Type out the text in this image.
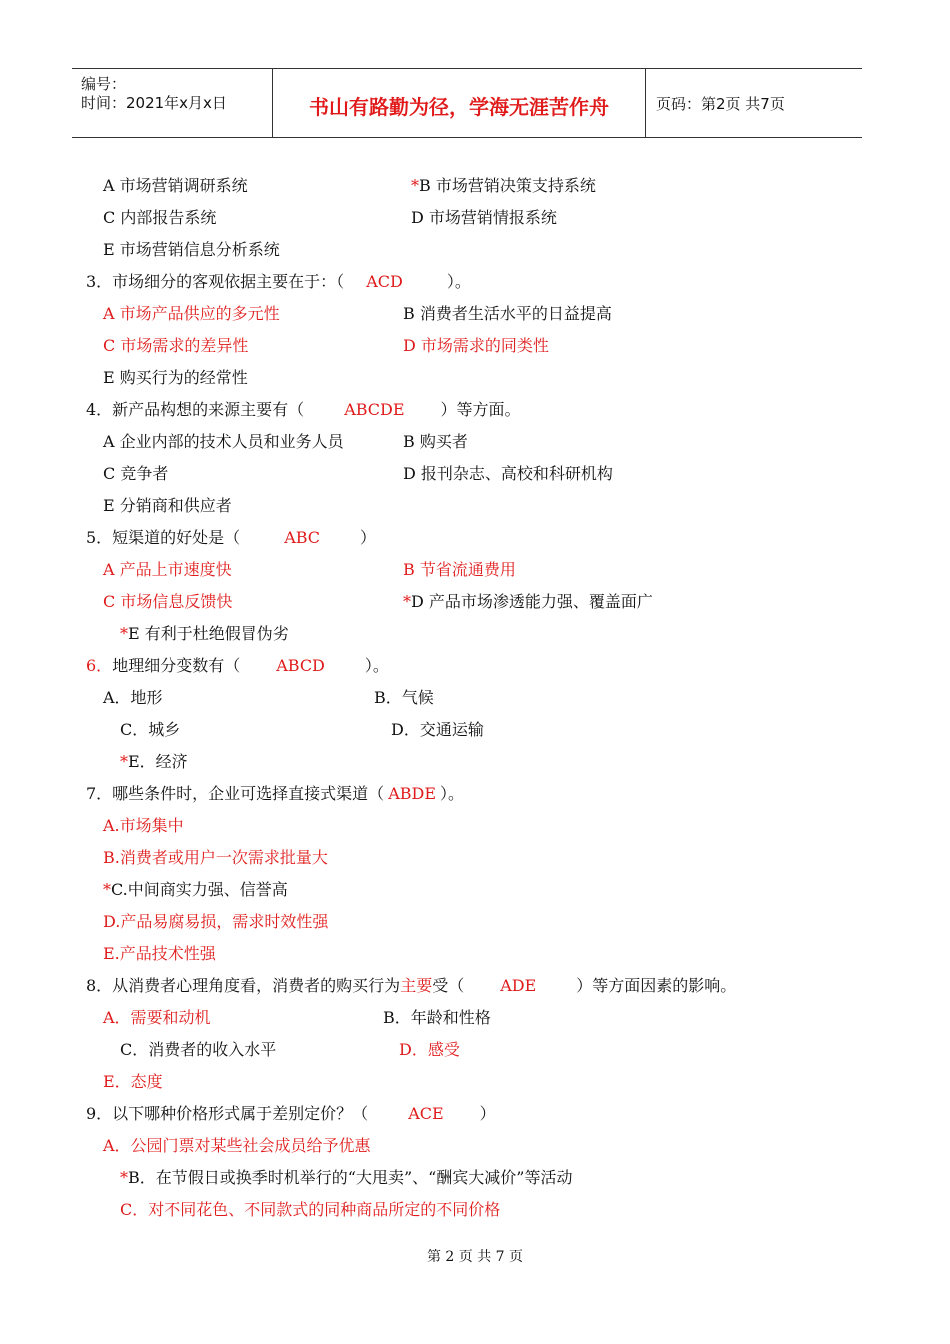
编号：
时间：2021年x月x日	书山有路勤为径，学海无涯苦作舟	页码：第2页 共7页
A 市场营销调研系统	*B 市场营销决策支持系统
C 内部报告系统	D 市场营销情报系统
E 市场营销信息分析系统
3．市场细分的客观依据主要在于：（ ACD	）。
A 市场产品供应的多元性	B 消费者生活水平的日益提高
C 市场需求的差异性	D 市场需求的同类性
E 购买行为的经常性
4．新产品构想的来源主要有（	ABCDE ）等方面。
A 企业内部的技术人员和业务人员	B 购买者
C 竞争者	D 报刊杂志、高校和科研机构
E 分销商和供应者
5．短渠道的好处是（	ABC	）
A 产品上市速度快	B 节省流通费用
C 市场信息反馈快	*D 产品市场渗透能力强、覆盖面广
*E 有利于杜绝假冒伪劣
6．地理细分变数有（ ABCD	）。
A．地形	B．气候
C．城乡	D．交通运输
*E．经济
7．哪些条件时，企业可选择直接式渠道（ ABDE ）。
A.市场集中
B.消费者或用户一次需求批量大
*C.中间商实力强、信誉高
D.产品易腐易损，需求时效性强
E.产品技术性强
8．从消费者心理角度看，消费者的购买行为主要受（ ADE	）等方面因素的影响。
A．需要和动机	B．年龄和性格
C．消费者的收入水平	D．感受
E．态度
9．以下哪种价格形式属于差别定价？（	ACE ）
A．公园门票对某些社会成员给予优惠
*B．在节假日或换季时机举行的“大甩卖”、“酬宾大减价”等活动
C．对不同花色、不同款式的同种商品所定的不同价格
第 2 页 共 7 页
